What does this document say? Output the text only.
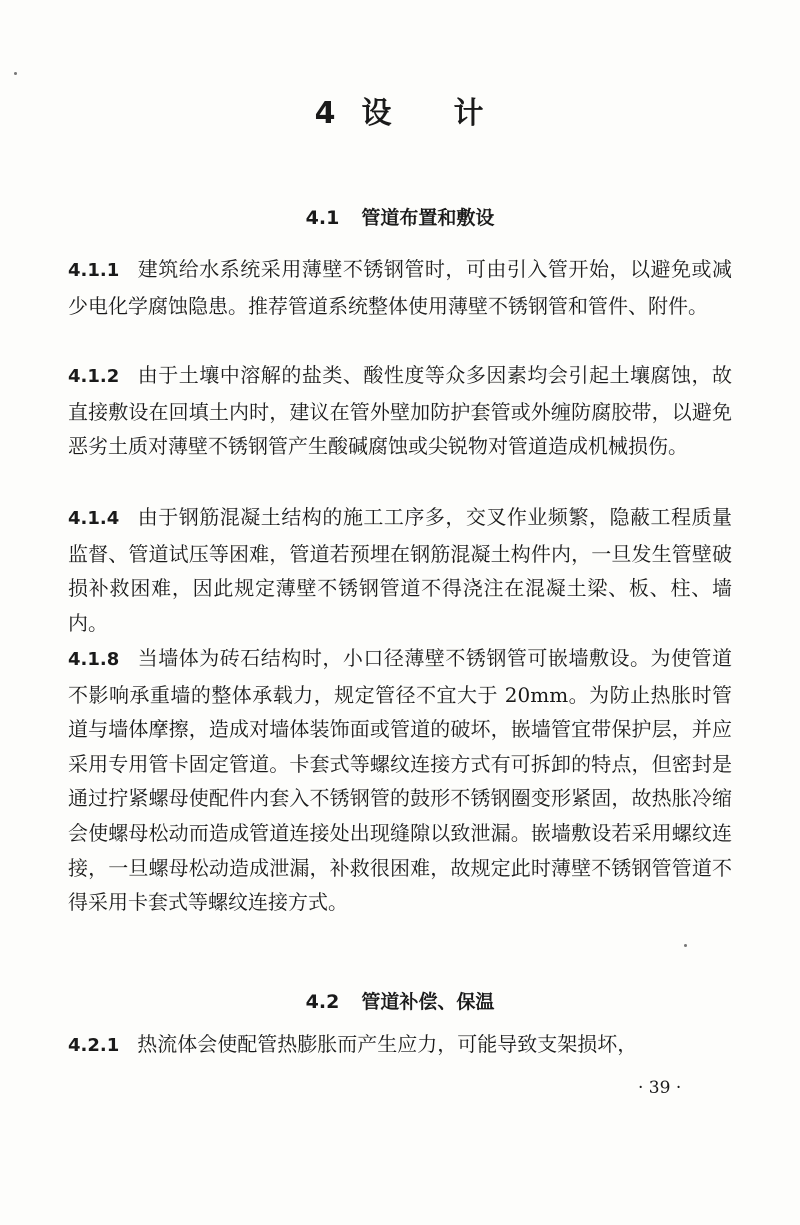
4 设 计
4.1 管道布置和敷设
4.1.1 建筑给水系统采用薄壁不锈钢管时，可由引入管开始，以避免或减少电化学腐蚀隐患。推荐管道系统整体使用薄壁不锈钢管和管件、附件。
4.1.2 由于土壤中溶解的盐类、酸性度等众多因素均会引起土壤腐蚀，故直接敷设在回填土内时，建议在管外壁加防护套管或外缠防腐胶带，以避免恶劣土质对薄壁不锈钢管产生酸碱腐蚀或尖锐物对管道造成机械损伤。
4.1.4 由于钢筋混凝土结构的施工工序多，交叉作业频繁，隐蔽工程质量监督、管道试压等困难，管道若预埋在钢筋混凝土构件内，一旦发生管壁破损补救困难，因此规定薄壁不锈钢管道不得浇注在混凝土梁、板、柱、墙内。
4.1.8 当墙体为砖石结构时，小口径薄壁不锈钢管可嵌墙敷设。为使管道不影响承重墙的整体承载力，规定管径不宜大于 20mm。为防止热胀时管道与墙体摩擦，造成对墙体装饰面或管道的破坏，嵌墙管宜带保护层，并应采用专用管卡固定管道。卡套式等螺纹连接方式有可拆卸的特点，但密封是通过拧紧螺母使配件内套入不锈钢管的鼓形不锈钢圈变形紧固，故热胀冷缩会使螺母松动而造成管道连接处出现缝隙以致泄漏。嵌墙敷设若采用螺纹连接，一旦螺母松动造成泄漏，补救很困难，故规定此时薄壁不锈钢管管道不得采用卡套式等螺纹连接方式。
4.2 管道补偿、保温
4.2.1 热流体会使配管热膨胀而产生应力，可能导致支架损坏，
· 39 ·
